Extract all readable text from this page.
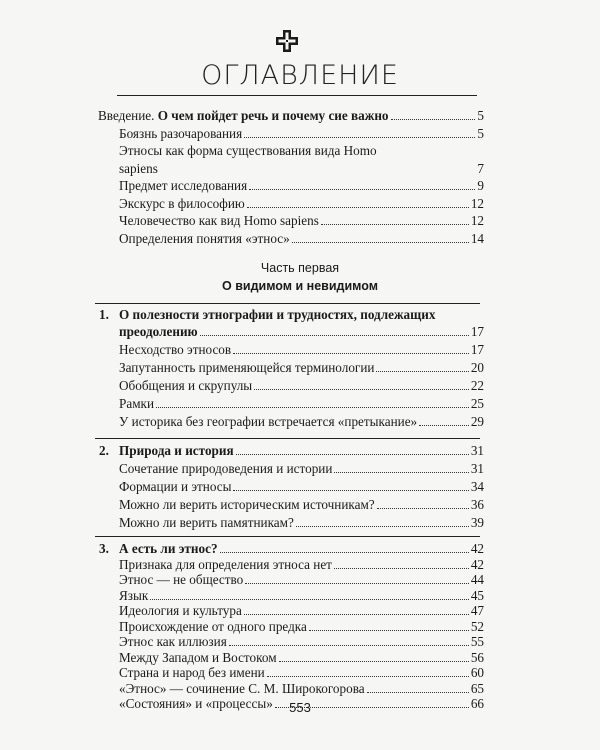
ОГЛАВЛЕНИЕ
Введение. О чем пойдет речь и почему сие важно	5
Боязнь разочарования	5
Этносы как форма существования вида Homo
sapiens	7
Предмет исследования	9
Экскурс в философию	12
Человечество как вид Homo sapiens	12
Определения понятия «этнос»	14
Часть первая
О видимом и невидимом
1. О полезности этнографии и трудностях, подлежащих
преодолению	17
Несходство этносов	17
Запутанность применяющейся терминологии	20
Обобщения и скрупулы	22
Рамки	25
У историка без географии встречается «претыкание»	29
2. Природа и история	31
Сочетание природоведения и истории	31
Формации и этносы	34
Можно ли верить историческим источникам?	36
Можно ли верить памятникам?	39
3. А есть ли этнос?	42
Признака для определения этноса нет	42
Этнос — не общество	44
Язык	45
Идеология и культура	47
Происхождение от одного предка	52
Этнос как иллюзия	55
Между Западом и Востоком	56
Страна и народ без имени	60
553
«Этнос» — сочинение С. М. Широкогорова	65
«Состояния» и «процессы»	66
